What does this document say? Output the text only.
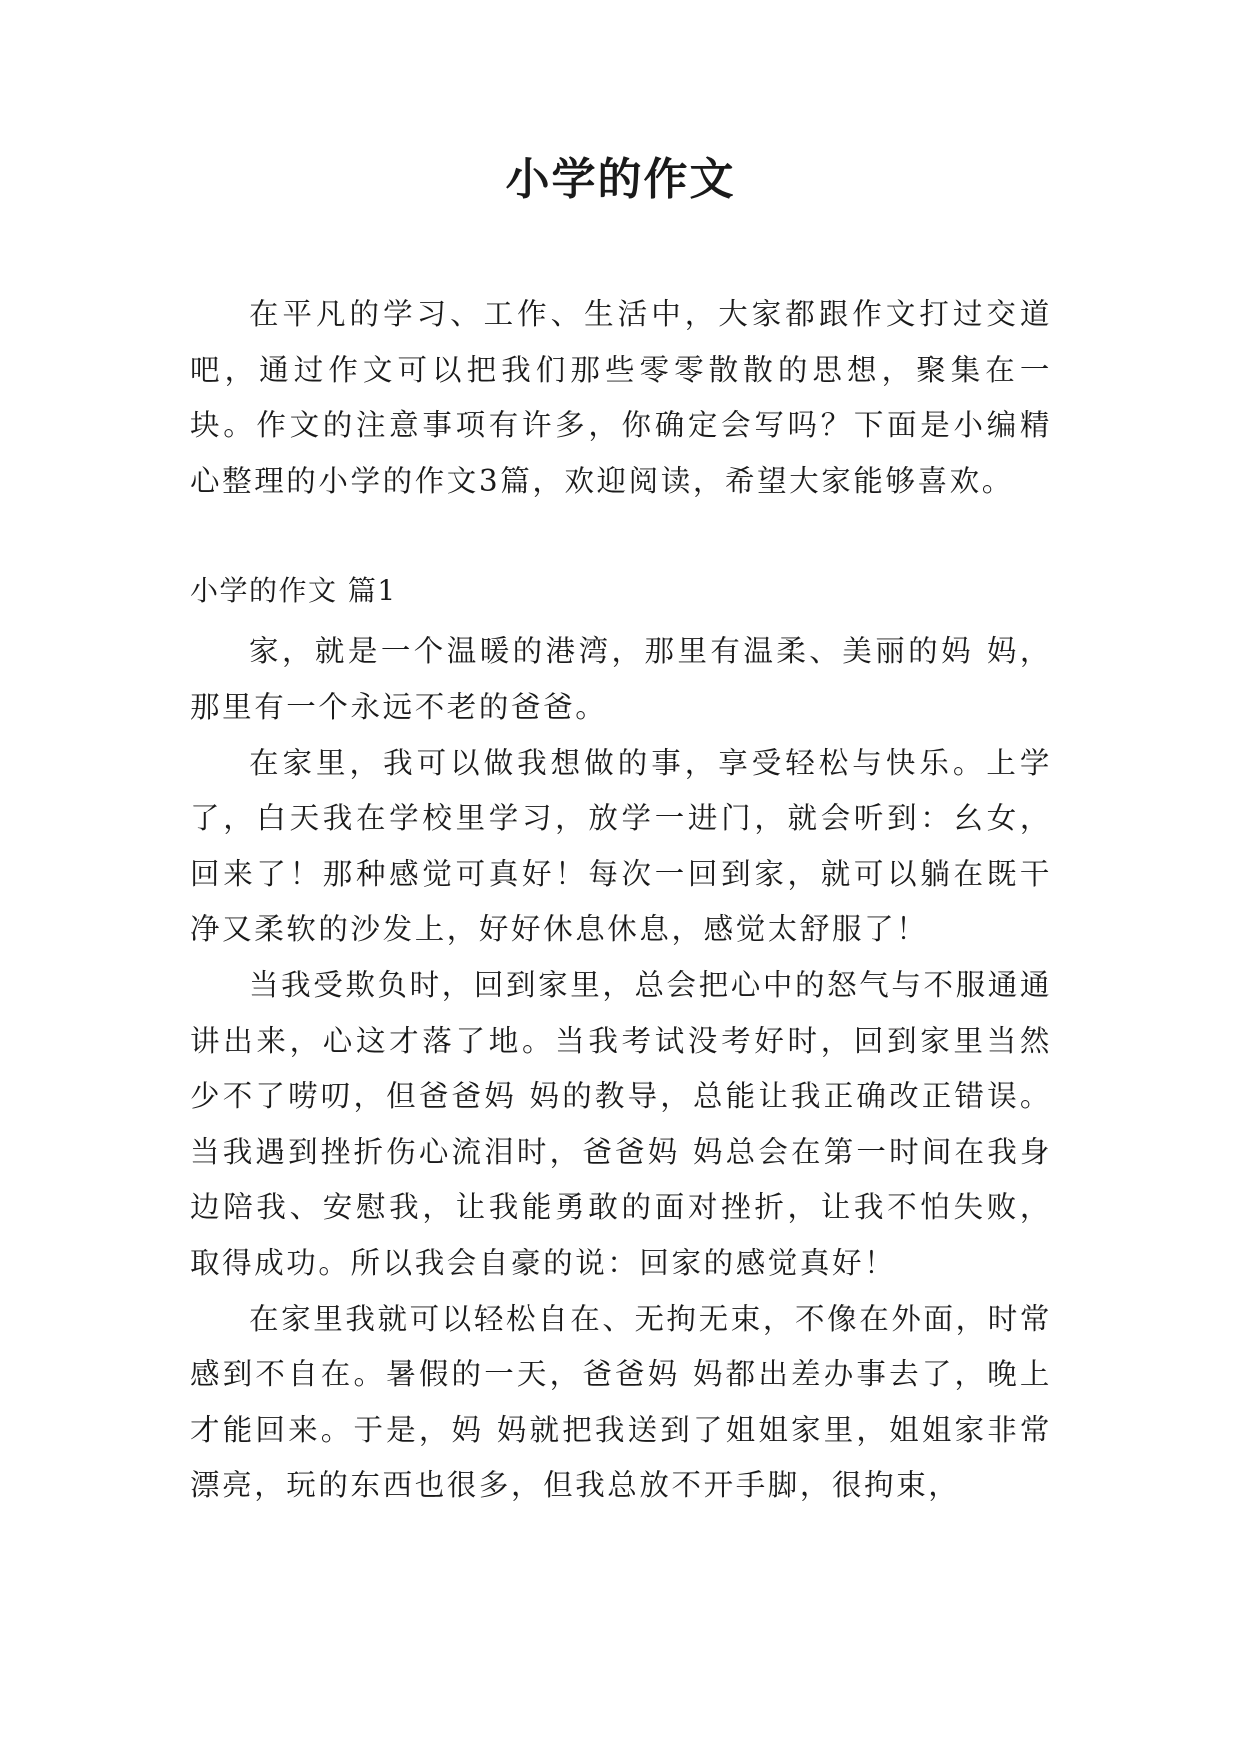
小学的作文

在平凡的学习、工作、生活中，大家都跟作文打过交道吧，通过作文可以把我们那些零零散散的思想，聚集在一块。作文的注意事项有许多，你确定会写吗？下面是小编精心整理的小学的作文3篇，欢迎阅读，希望大家能够喜欢。

小学的作文 篇1

家，就是一个温暖的港湾，那里有温柔、美丽的妈 妈，那里有一个永远不老的爸爸。

在家里，我可以做我想做的事，享受轻松与快乐。上学了，白天我在学校里学习，放学一进门，就会听到：幺女，回来了！那种感觉可真好！每次一回到家，就可以躺在既干净又柔软的沙发上，好好休息休息，感觉太舒服了！

当我受欺负时，回到家里，总会把心中的怒气与不服通通讲出来，心这才落了地。当我考试没考好时，回到家里当然少不了唠叨，但爸爸妈 妈的教导，总能让我正确改正错误。当我遇到挫折伤心流泪时，爸爸妈 妈总会在第一时间在我身边陪我、安慰我，让我能勇敢的面对挫折，让我不怕失败，取得成功。所以我会自豪的说：回家的感觉真好！

在家里我就可以轻松自在、无拘无束，不像在外面，时常感到不自在。暑假的一天，爸爸妈 妈都出差办事去了，晚上才能回来。于是，妈 妈就把我送到了姐姐家里，姐姐家非常漂亮，玩的东西也很多，但我总放不开手脚，很拘束，
